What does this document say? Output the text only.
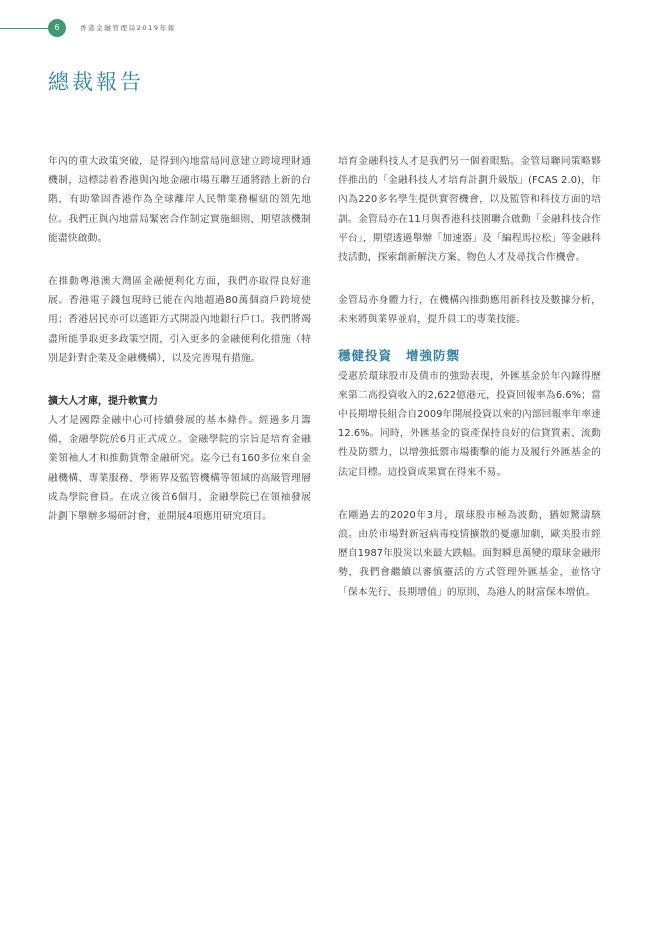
6	香港金融管理局2019年報
總裁報告

年內的重大政策突破，是得到內地當局同意建立跨境理財通機制，這標誌着香港與內地金融市場互聯互通將踏上新的台階，有助鞏固香港作為全球離岸人民幣業務樞紐的領先地位。我們正與內地當局緊密合作制定實施細則，期望該機制能盡快啟動。

在推動粵港澳大灣區金融便利化方面，我們亦取得良好進展。香港電子錢包現時已能在內地超過80萬個商戶跨境使用；香港居民亦可以遙距方式開設內地銀行戶口。我們將竭盡所能爭取更多政策空間，引入更多的金融便利化措施（特別是針對企業及金融機構），以及完善現有措施。

擴大人才庫，提升軟實力

人才是國際金融中心可持續發展的基本條件。經過多月籌備，金融學院於6月正式成立。金融學院的宗旨是培育金融業領袖人才和推動貨幣金融研究。迄今已有160多位來自金融機構、專業服務、學術界及監管機構等領域的高級管理層成為學院會員。在成立後首6個月，金融學院已在領袖發展計劃下舉辦多場研討會，並開展4項應用研究項目。

培育金融科技人才是我們另一個着眼點。金管局聯同策略夥伴推出的「金融科技人才培育計劃升級版」(FCAS 2.0)，年內為220多名學生提供實習機會，以及監管和科技方面的培訓。金管局亦在11月與香港科技園聯合啟動「金融科技合作平台」，期望透過舉辦「加速器」及「編程馬拉松」等金融科技活動，探索創新解決方案、物色人才及尋找合作機會。

金管局亦身體力行，在機構內推動應用新科技及數據分析，未來將與業界並肩，提升員工的專業技能。

穩健投資 增強防禦

受惠於環球股市及債市的強勁表現，外匯基金於年內錄得歷來第二高投資收入的2,622億港元，投資回報率為6.6%；當中長期增長組合自2009年開展投資以來的內部回報率年率達12.6%。同時，外匯基金的資產保持良好的信貸質素、流動性及防禦力，以增強抵禦市場衝擊的能力及履行外匯基金的法定目標。這投資成果實在得來不易。

在剛過去的2020年3月，環球股市極為波動，猶如驚濤駭浪。由於市場對新冠病毒疫情擴散的憂慮加劇，歐美股市經歷自1987年股災以來最大跌幅。面對瞬息萬變的環球金融形勢，我們會繼續以審慎靈活的方式管理外匯基金，並恪守「保本先行、長期增值」的原則，為港人的財富保本增值。
